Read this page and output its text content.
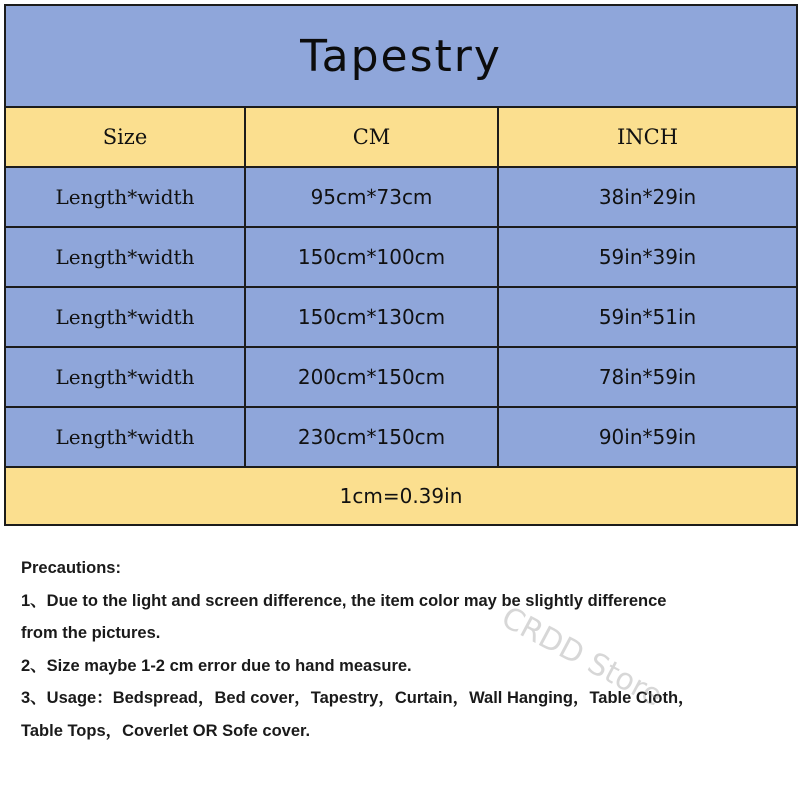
Tapestry		
Size	CM	INCH
Length*width	95cm*73cm	38in*29in
Length*width	150cm*100cm	59in*39in
Length*width	150cm*130cm	59in*51in
Length*width	200cm*150cm	78in*59in
Length*width	230cm*150cm	90in*59in
1cm=0.39in		
Precautions:
1、Due to the light and screen difference, the item color may be slightly difference
from the pictures.
2、Size maybe 1-2 cm error due to hand measure.
3、Usage：Bedspread，Bed cover，Tapestry，Curtain，Wall Hanging，Table Cloth，
Table Tops，Coverlet OR Sofe cover.
CRDD Store
